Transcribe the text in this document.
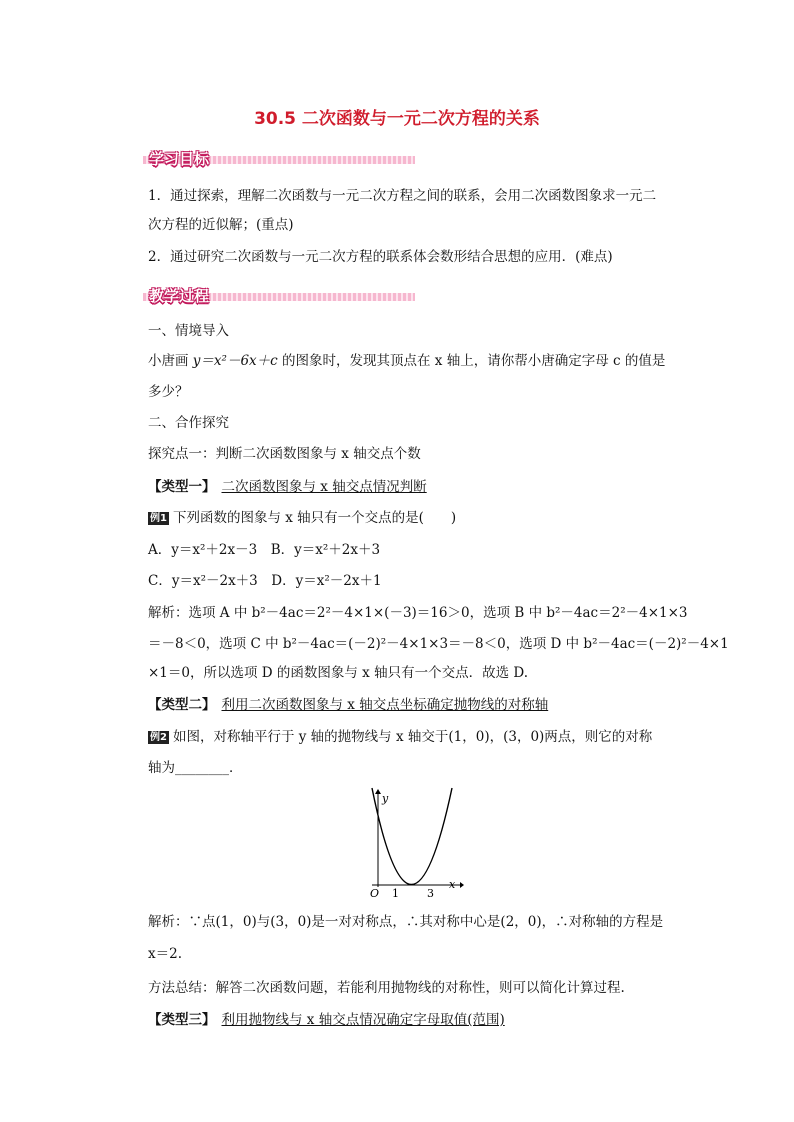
30.5 二次函数与一元二次方程的关系
学习目标
1．通过探索，理解二次函数与一元二次方程之间的联系，会用二次函数图象求一元二
次方程的近似解；(重点)
2．通过研究二次函数与一元二次方程的联系体会数形结合思想的应用．(难点)
教学过程
一、情境导入
小唐画 y＝x²－6x＋c 的图象时，发现其顶点在 x 轴上，请你帮小唐确定字母 c 的值是
多少？
二、合作探究
探究点一：判断二次函数图象与 x 轴交点个数
【类型一】 二次函数图象与 x 轴交点情况判断
例1 下列函数的图象与 x 轴只有一个交点的是(　　)
A．y＝x²＋2x－3　B．y＝x²＋2x＋3
C．y＝x²－2x＋3　D．y＝x²－2x＋1
解析：选项 A 中 b²－4ac＝2²－4×1×(－3)＝16＞0，选项 B 中 b²－4ac＝2²－4×1×3
＝－8＜0，选项 C 中 b²－4ac＝(－2)²－4×1×3＝－8＜0，选项 D 中 b²－4ac＝(－2)²－4×1
×1＝0，所以选项 D 的函数图象与 x 轴只有一个交点．故选 D.
【类型二】 利用二次函数图象与 x 轴交点坐标确定抛物线的对称轴
例2 如图，对称轴平行于 y 轴的抛物线与 x 轴交于(1，0)，(3，0)两点，则它的对称
轴为________．
y
x
O 1	3
解析：∵点(1，0)与(3，0)是一对对称点，∴其对称中心是(2，0)，∴对称轴的方程是
x＝2.
方法总结：解答二次函数问题，若能利用抛物线的对称性，则可以简化计算过程.
【类型三】 利用抛物线与 x 轴交点情况确定字母取值(范围)
